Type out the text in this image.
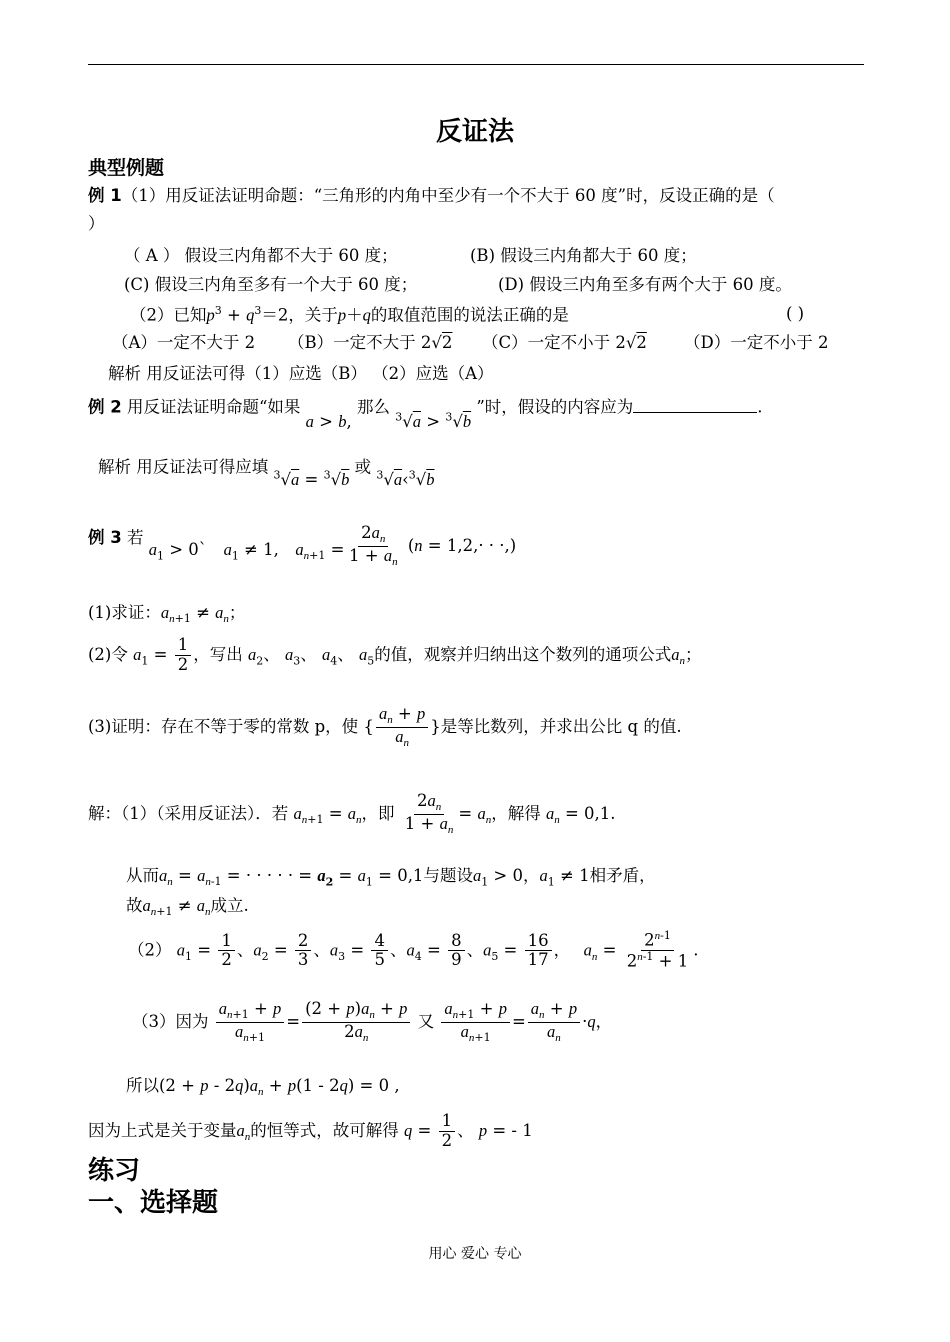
反证法
典型例题
例 1（1）用反证法证明命题：“三角形的内角中至少有一个不大于 60 度”时，反设正确的是（
）
（ A ） 假设三内角都不大于 60 度；	(B) 假设三内角都大于 60 度；
(C) 假设三内角至多有一个大于 60 度；	(D) 假设三内角至多有两个大于 60 度。
（2）已知$p^3 + q^3=2$，关于p＋q的取值范围的说法正确的是	( )
（A）一定不大于 2 （B）一定不大于 2√2 （C）一定不小于 2√2 （D）一定不小于 2
解析 用反证法可得（1）应选（B） （2）应选（A）
例 2 用反证法证明命题“如果 a > b, 那么 $^3$√a > $^3$√b ”时，假设的内容应为	.
解析 用反证法可得应填 $^3$√a = $^3$√b 或 $^3$√a‹$^3$√b
例 3 若 $a_1$ > 0`　$a_1 \ne 1$,　$a_{n+1} = \frac{2a_n}{1 + a_n} (n = 1,2,\cdot$ · ·,)
(1)求证：$a_{n+1} \ne a_n$；
(2)令 $a_1 = \frac{1}{2}$ ，写出 $a_2$、 $a_3$、 $a_4$、 $a_5$的值，观察并归纳出这个数列的通项公式$a_n$；
(3)证明：存在不等于零的常数 p，使 { $\frac{a_n + p}{a_n}$ }是等比数列，并求出公比 q 的值.
解：（1）（采用反证法）．若 $a_{n+1} = a_n$，即 $\frac{2a_n}{1 + a_n} = a_n$，解得 $a_n = 0,1$.
从而$a_n = a_{n-1}$ = · · · · · = $a_2 = a_1 = 0,1$与题设$a_1 > 0$，$a_1 \ne 1$相矛盾，
故$a_{n+1} \ne a_n$成立.
（2） $a_1 = \frac{1}{2}$ 、$a_2 = \frac{2}{3}$ 、$a_3 = \frac{4}{5}$ 、$a_4 = \frac{8}{9}$ 、$a_5 = \frac{16}{17}$ ，　 $a_n = \frac{2^{n-1}}{2^{n-1} + 1}$ .
（3）因为 $\frac{a_{n+1} + p}{a_{n+1}} = \frac{(2 + p)a_n + p}{2a_n}$ 又 $\frac{a_{n+1} + p}{a_{n+1}} = \frac{a_n + p}{a_n} \cdot q$，
所以$(2 + p - 2q)a_n + p(1 - 2q) = 0$ ,
因为上式是关于变量$a_n$的恒等式，故可解得 $q = \frac{1}{2}$ 、 p = - 1
练习
一、选择题
用心 爱心 专心
